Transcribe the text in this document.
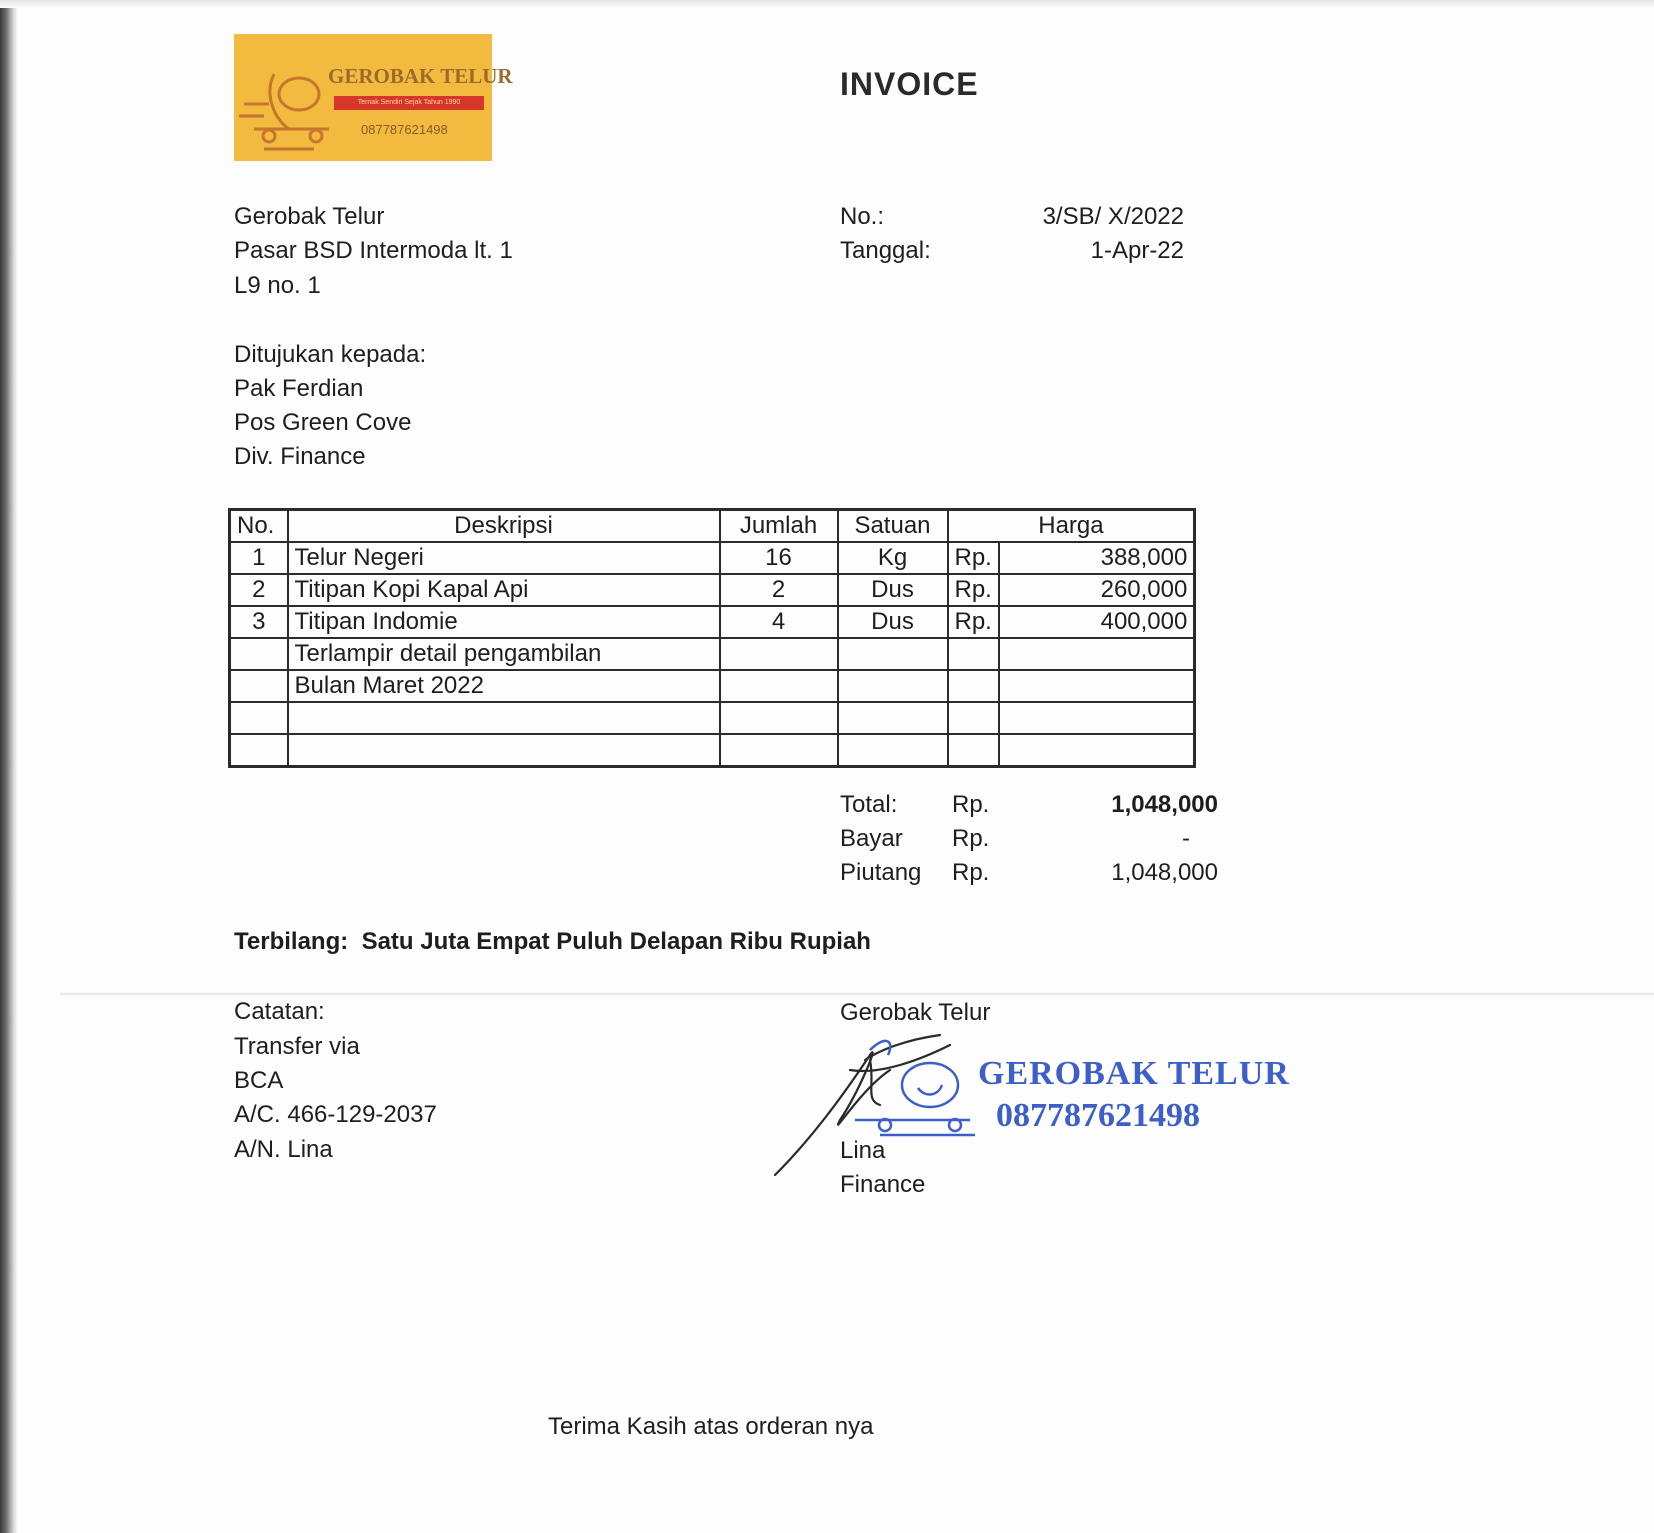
GEROBAK TELUR
Ternak Sendiri Sejak Tahun 1990
087787621498
INVOICE
Gerobak Telur
Pasar BSD Intermoda lt. 1
L9 no. 1
No.:	3/SB/ X/2022
Tanggal:	1-Apr-22
Ditujukan kepada:
Pak Ferdian
Pos Green Cove
Div. Finance
No.	Deskripsi	Jumlah	Satuan	Harga	
1	Telur Negeri	16	Kg	Rp.	388,000
2	Titipan Kopi Kapal Api	2	Dus	Rp.	260,000
3	Titipan Indomie	4	Dus	Rp.	400,000
	Terlampir detail pengambilan				
	Bulan Maret 2022				

Total:	Rp.	1,048,000
Bayar	Rp.	-
Piutang	Rp.	1,048,000
Terbilang: Satu Juta Empat Puluh Delapan Ribu Rupiah
Catatan:
Transfer via
BCA
A/C. 466-129-2037
A/N. Lina
Gerobak Telur
GEROBAK TELUR
087787621498
Lina
Finance
Terima Kasih atas orderan nya
